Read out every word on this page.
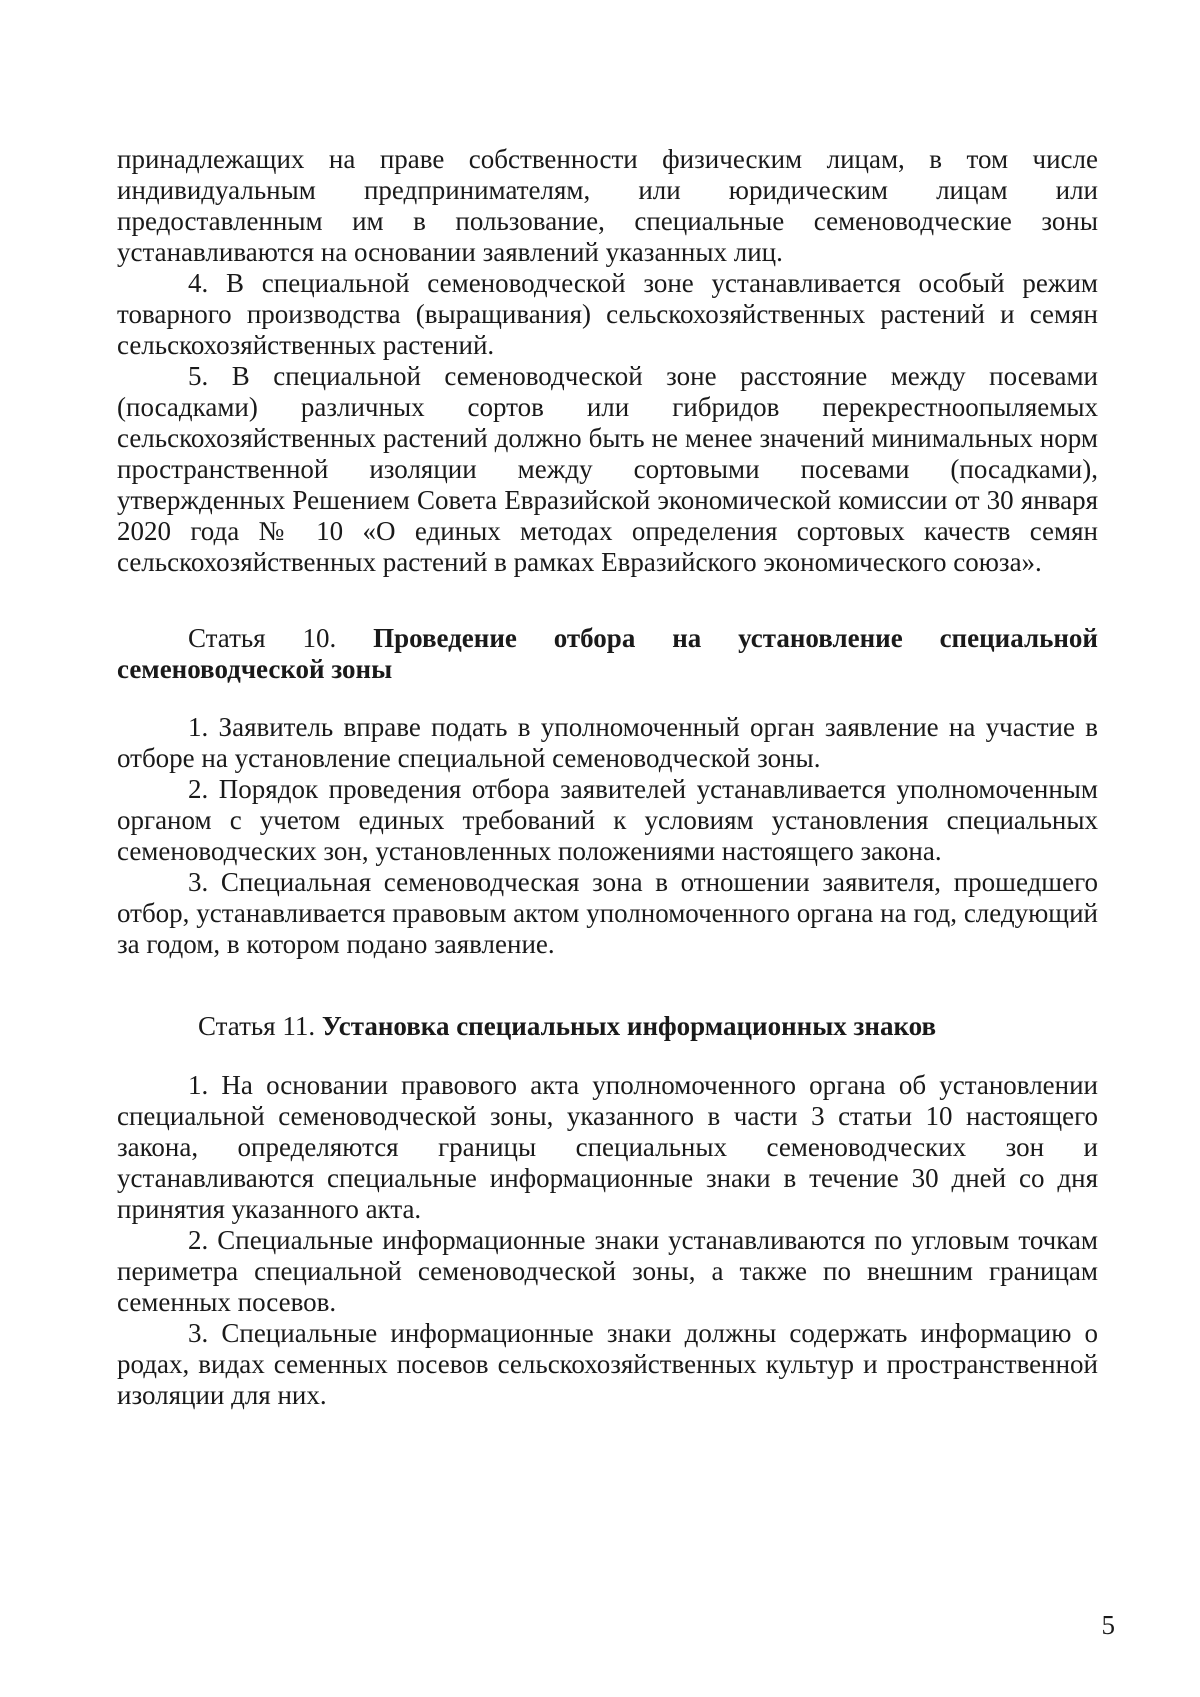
принадлежащих на праве собственности физическим лицам, в том числе индивидуальным предпринимателям, или юридическим лицам или предоставленным им в пользование, специальные семеноводческие зоны устанавливаются на основании заявлений указанных лиц.

4. В специальной семеноводческой зоне устанавливается особый режим товарного производства (выращивания) сельскохозяйственных растений и семян сельскохозяйственных растений.

5. В специальной семеноводческой зоне расстояние между посевами (посадками) различных сортов или гибридов перекрестноопыляемых сельскохозяйственных растений должно быть не менее значений минимальных норм пространственной изоляции между сортовыми посевами (посадками), утвержденных Решением Совета Евразийской экономической комиссии от 30 января 2020 года № 10 «О единых методах определения сортовых качеств семян сельскохозяйственных растений в рамках Евразийского экономического союза».

Статья 10. Проведение отбора на установление специальной семеноводческой зоны

1. Заявитель вправе подать в уполномоченный орган заявление на участие в отборе на установление специальной семеноводческой зоны.

2. Порядок проведения отбора заявителей устанавливается уполномоченным органом с учетом единых требований к условиям установления специальных семеноводческих зон, установленных положениями настоящего закона.

3. Специальная семеноводческая зона в отношении заявителя, прошедшего отбор, устанавливается правовым актом уполномоченного органа на год, следующий за годом, в котором подано заявление.

Статья 11. Установка специальных информационных знаков

1. На основании правового акта уполномоченного органа об установлении специальной семеноводческой зоны, указанного в части 3 статьи 10 настоящего закона, определяются границы специальных семеноводческих зон и устанавливаются специальные информационные знаки в течение 30 дней со дня принятия указанного акта.

2. Специальные информационные знаки устанавливаются по угловым точкам периметра специальной семеноводческой зоны, а также по внешним границам семенных посевов.

3. Специальные информационные знаки должны содержать информацию о родах, видах семенных посевов сельскохозяйственных культур и пространственной изоляции для них.

5
